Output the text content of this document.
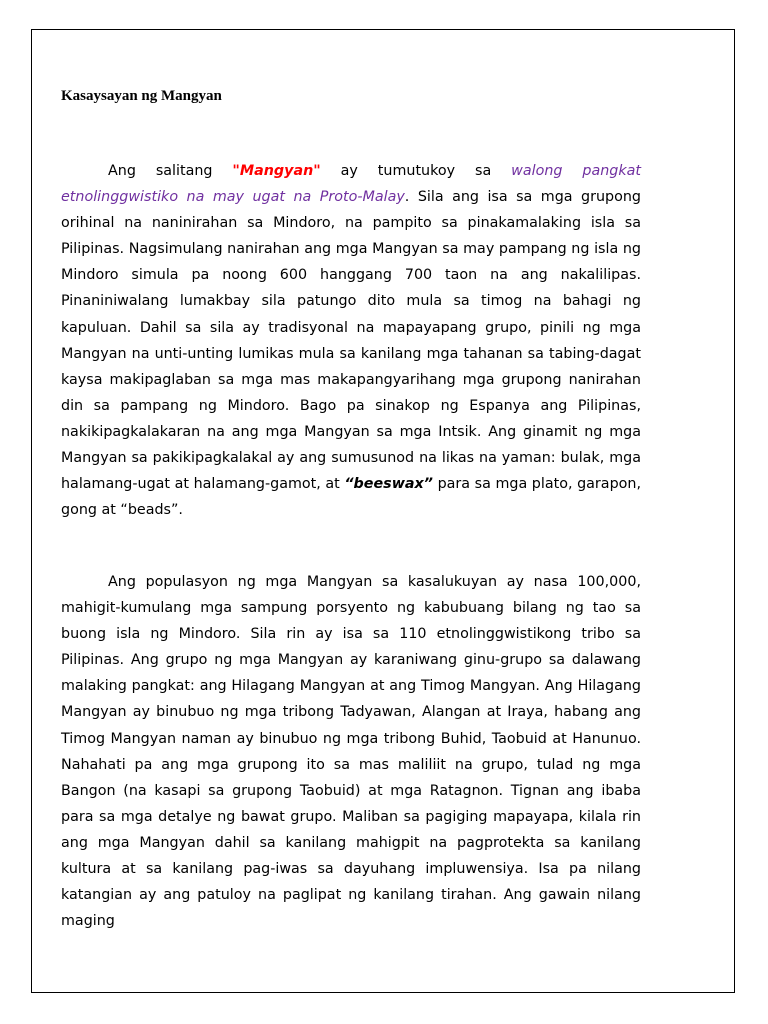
Kasaysayan ng Mangyan

Ang salitang "Mangyan" ay tumutukoy sa walong pangkat etnolinggwistiko na may ugat na Proto-Malay. Sila ang isa sa mga grupong orihinal na naninirahan sa Mindoro, na pampito sa pinakamalaking isla sa Pilipinas. Nagsimulang nanirahan ang mga Mangyan sa may pampang ng isla ng Mindoro simula pa noong 600 hanggang 700 taon na ang nakalilipas. Pinaniniwalang lumakbay sila patungo dito mula sa timog na bahagi ng kapuluan. Dahil sa sila ay tradisyonal na mapayapang grupo, pinili ng mga Mangyan na unti-unting lumikas mula sa kanilang mga tahanan sa tabing-dagat kaysa makipaglaban sa mga mas makapangyarihang mga grupong nanirahan din sa pampang ng Mindoro. Bago pa sinakop ng Espanya ang Pilipinas, nakikipagkalakaran na ang mga Mangyan sa mga Intsik. Ang ginamit ng mga Mangyan sa pakikipagkalakal ay ang sumusunod na likas na yaman: bulak, mga halamang-ugat at halamang-gamot, at “beeswax” para sa mga plato, garapon, gong at “beads”.

Ang populasyon ng mga Mangyan sa kasalukuyan ay nasa 100,000, mahigit-kumulang mga sampung porsyento ng kabubuang bilang ng tao sa buong isla ng Mindoro. Sila rin ay isa sa 110 etnolinggwistikong tribo sa Pilipinas. Ang grupo ng mga Mangyan ay karaniwang ginu-grupo sa dalawang malaking pangkat: ang Hilagang Mangyan at ang Timog Mangyan. Ang Hilagang Mangyan ay binubuo ng mga tribong Tadyawan, Alangan at Iraya, habang ang Timog Mangyan naman ay binubuo ng mga tribong Buhid, Taobuid at Hanunuo. Nahahati pa ang mga grupong ito sa mas maliliit na grupo, tulad ng mga Bangon (na kasapi sa grupong Taobuid) at mga Ratagnon. Tignan ang ibaba para sa mga detalye ng bawat grupo. Maliban sa pagiging mapayapa, kilala rin ang mga Mangyan dahil sa kanilang mahigpit na pagprotekta sa kanilang kultura at sa kanilang pag-iwas sa dayuhang impluwensiya. Isa pa nilang katangian ay ang patuloy na paglipat ng kanilang tirahan. Ang gawain nilang maging
